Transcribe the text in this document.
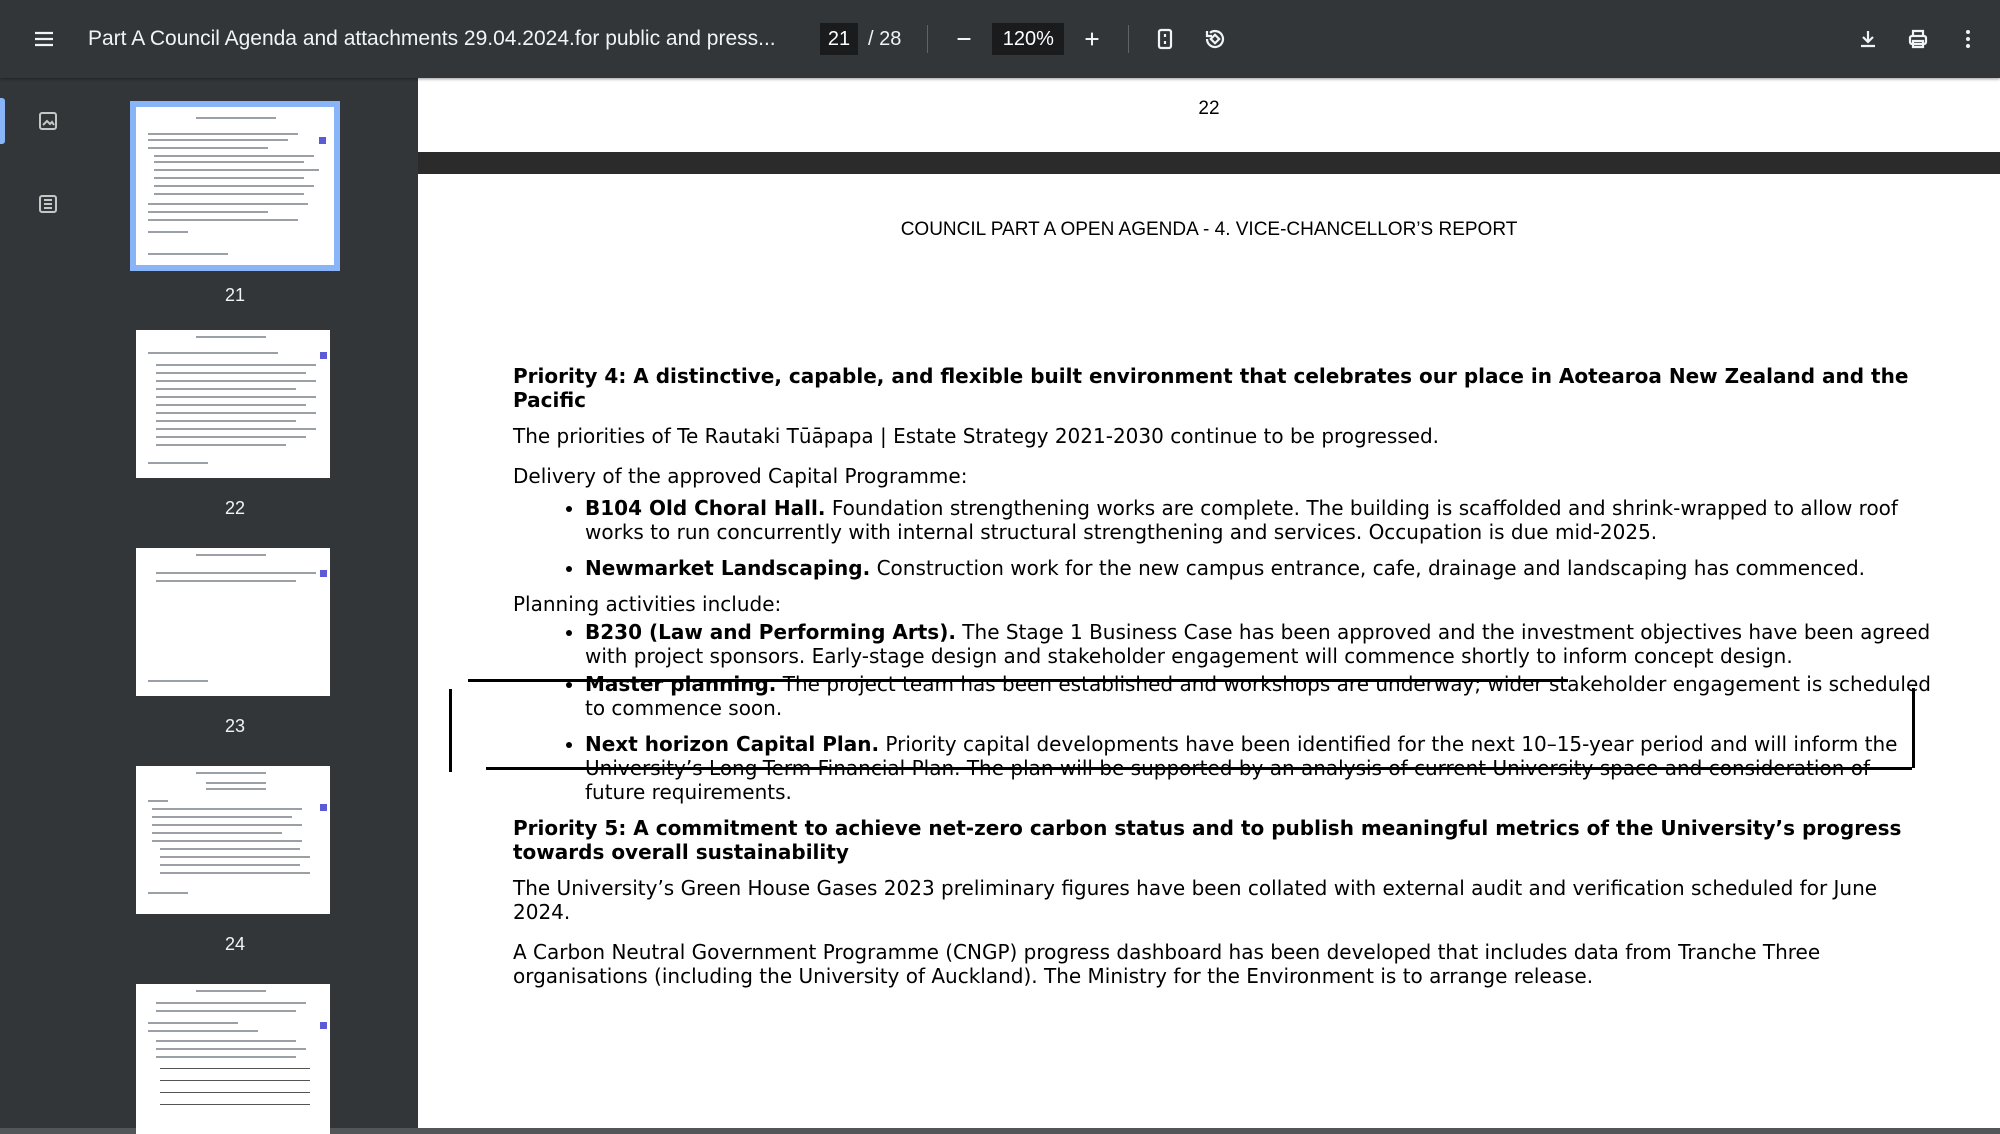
Part A Council Agenda and attachments 29.04.2024.for public and press...
21	/ 28
120%
21
22
23
24
22
COUNCIL PART A OPEN AGENDA - 4. VICE-CHANCELLOR’S REPORT
Priority 4: A distinctive, capable, and flexible built environment that celebrates our place in Aotearoa New Zealand and the Pacific

The priorities of Te Rautaki Tūāpapa | Estate Strategy 2021-2030 continue to be progressed.

Delivery of the approved Capital Programme:

• B104 Old Choral Hall. Foundation strengthening works are complete. The building is scaffolded and shrink-wrapped to allow roof works to run concurrently with internal structural strengthening and services. Occupation is due mid-2025.
• Newmarket Landscaping. Construction work for the new campus entrance, cafe, drainage and landscaping has commenced.

Planning activities include:

• B230 (Law and Performing Arts). The Stage 1 Business Case has been approved and the investment objectives have been agreed with project sponsors. Early-stage design and stakeholder engagement will commence shortly to inform concept design.
• Master planning. The project team has been established and workshops are underway; wider stakeholder engagement is scheduled to commence soon.
• Next horizon Capital Plan. Priority capital developments have been identified for the next 10–15-year period and will inform the University’s Long-Term Financial Plan. The plan will be supported by an analysis of current University space and consideration of future requirements.
Priority 5: A commitment to achieve net-zero carbon status and to publish meaningful metrics of the University’s progress towards overall sustainability

The University’s Green House Gases 2023 preliminary figures have been collated with external audit and verification scheduled for June 2024.

A Carbon Neutral Government Programme (CNGP) progress dashboard has been developed that includes data from Tranche Three organisations (including the University of Auckland). The Ministry for the Environment is to arrange release.
